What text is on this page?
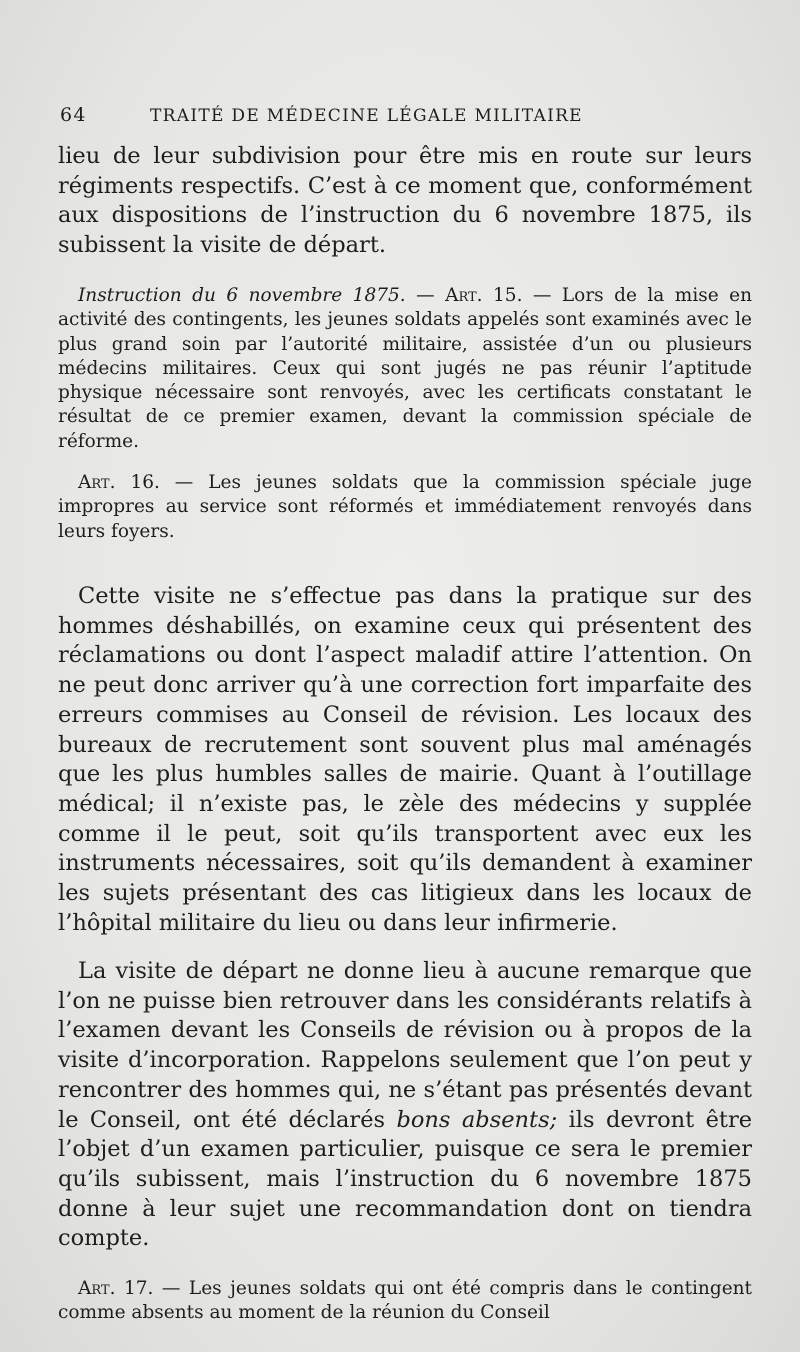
64	TRAITÉ DE MÉDECINE LÉGALE MILITAIRE

lieu de leur subdivision pour être mis en route sur leurs régiments respectifs. C’est à ce moment que, conformément aux dispositions de l’instruction du 6 novembre 1875, ils subissent la visite de départ.

Instruction du 6 novembre 1875. — Art. 15. — Lors de la mise en activité des contingents, les jeunes soldats appelés sont examinés avec le plus grand soin par l’autorité militaire, assistée d’un ou plusieurs médecins militaires. Ceux qui sont jugés ne pas réunir l’aptitude physique nécessaire sont renvoyés, avec les certificats constatant le résultat de ce premier examen, devant la commission spéciale de réforme.

Art. 16. — Les jeunes soldats que la commission spéciale juge impropres au service sont réformés et immédiatement renvoyés dans leurs foyers.

Cette visite ne s’effectue pas dans la pratique sur des hommes déshabillés, on examine ceux qui présentent des réclamations ou dont l’aspect maladif attire l’attention. On ne peut donc arriver qu’à une correction fort imparfaite des erreurs commises au Conseil de révision. Les locaux des bureaux de recrutement sont souvent plus mal aménagés que les plus humbles salles de mairie. Quant à l’outillage médical; il n’existe pas, le zèle des médecins y supplée comme il le peut, soit qu’ils transportent avec eux les instruments nécessaires, soit qu’ils demandent à examiner les sujets présentant des cas litigieux dans les locaux de l’hôpital militaire du lieu ou dans leur infirmerie.

La visite de départ ne donne lieu à aucune remarque que l’on ne puisse bien retrouver dans les considérants relatifs à l’examen devant les Conseils de révision ou à propos de la visite d’incorporation. Rappelons seulement que l’on peut y rencontrer des hommes qui, ne s’étant pas présentés devant le Conseil, ont été déclarés bons absents; ils devront être l’objet d’un examen particulier, puisque ce sera le premier qu’ils subissent, mais l’instruction du 6 novembre 1875 donne à leur sujet une recommandation dont on tiendra compte.

Art. 17. — Les jeunes soldats qui ont été compris dans le contingent comme absents au moment de la réunion du Conseil
